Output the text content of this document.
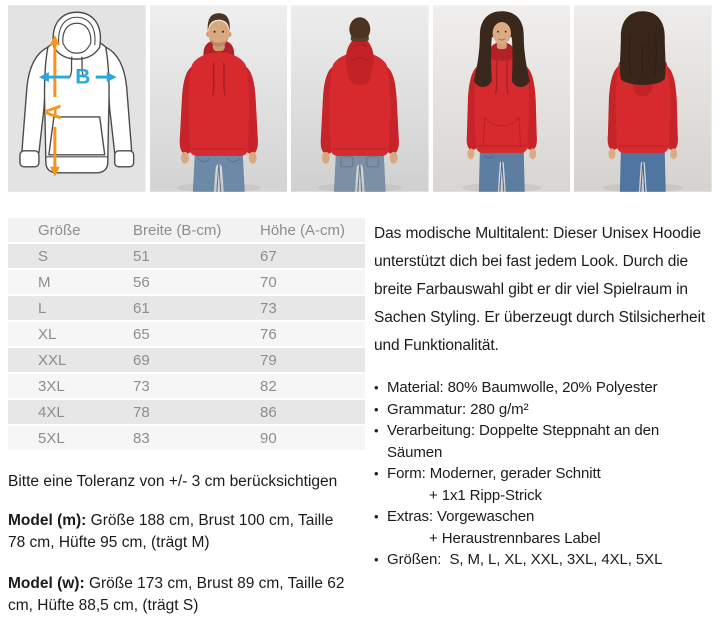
A
B
Größe	Breite (B-cm)	Höhe (A-cm)
S	51	67
M	56	70
L	61	73
XL	65	76
XXL	69	79
3XL	73	82
4XL	78	86
5XL	83	90
Bitte eine Toleranz von +/- 3 cm berücksichtigen
Model (m): Größe 188 cm, Brust 100 cm, Taille 78 cm, Hüfte 95 cm, (trägt M)
Model (w): Größe 173 cm, Brust 89 cm, Taille 62 cm, Hüfte 88,5 cm, (trägt S)

Das modische Multitalent: Dieser Unisex Hoodie unterstützt dich bei fast jedem Look. Durch die breite Farbauswahl gibt er dir viel Spielraum in Sachen Styling. Er überzeugt durch Stilsicherheit und Funktionalität.

• Material: 80% Baumwolle, 20% Polyester
• Grammatur: 280 g/m²
• Verarbeitung: Doppelte Steppnaht an den Säumen
• Form: Moderner, gerader Schnitt
+ 1x1 Ripp-Strick
• Extras: Vorgewaschen
+ Heraustrennbares Label
• Größen:  S, M, L, XL, XXL, 3XL, 4XL, 5XL
